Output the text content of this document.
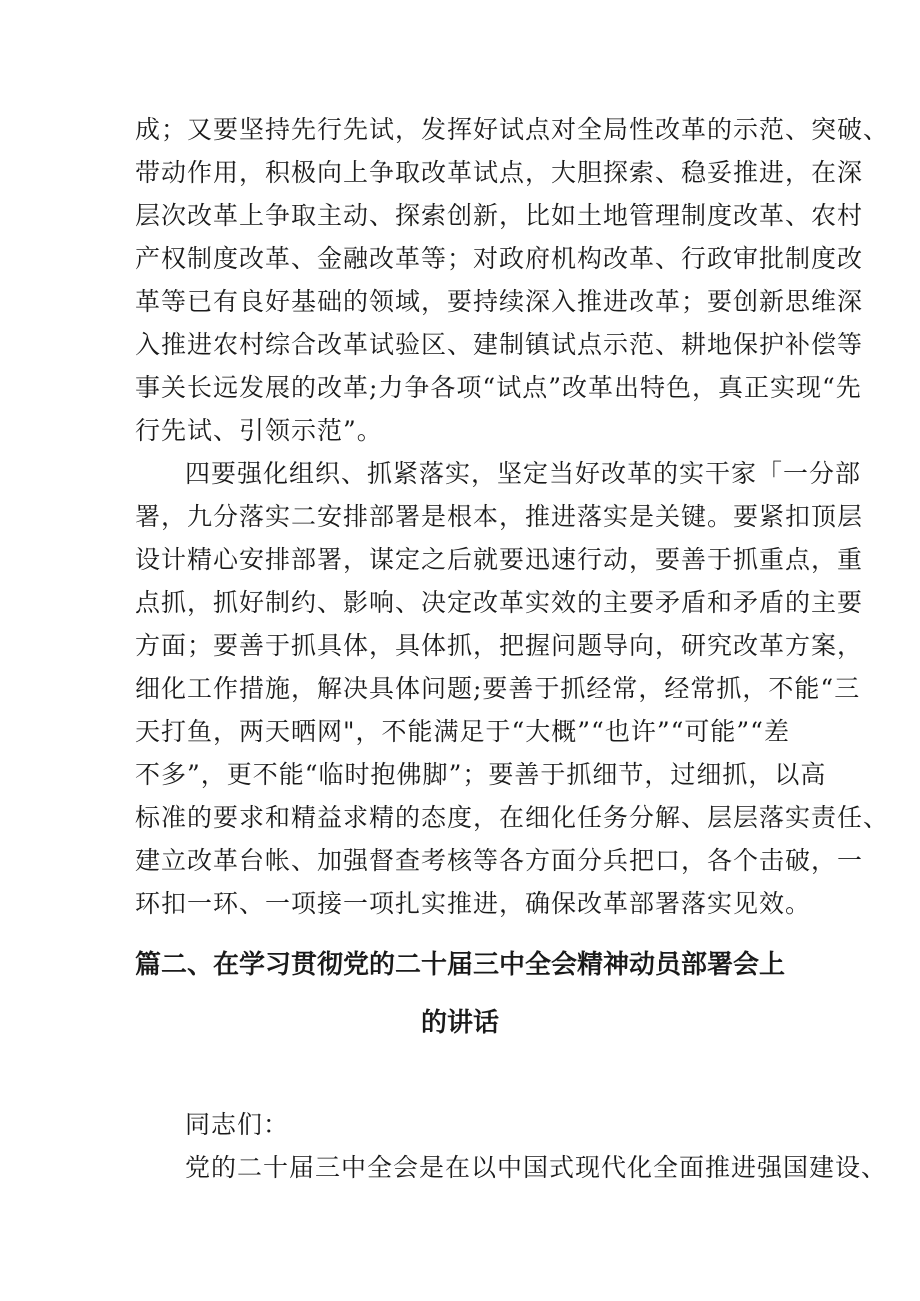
成；又要坚持先行先试，发挥好试点对全局性改革的示范、突破、
带动作用，积极向上争取改革试点，大胆探索、稳妥推进，在深
层次改革上争取主动、探索创新，比如土地管理制度改革、农村
产权制度改革、金融改革等；对政府机构改革、行政审批制度改
革等已有良好基础的领域，要持续深入推进改革；要创新思维深
入推进农村综合改革试验区、建制镇试点示范、耕地保护补偿等
事关长远发展的改革;力争各项“试点”改革出特色，真正实现“先
行先试、引领示范”。
四要强化组织、抓紧落实，坚定当好改革的实干家「一分部
署，九分落实二安排部署是根本，推进落实是关键。要紧扣顶层
设计精心安排部署，谋定之后就要迅速行动，要善于抓重点，重
点抓，抓好制约、影响、决定改革实效的主要矛盾和矛盾的主要
方面；要善于抓具体，具体抓，把握问题导向，研究改革方案，
细化工作措施，解决具体问题;要善于抓经常，经常抓，不能“三
天打鱼，两天晒网"，不能满足于“大概”“也许”“可能”“差
不多”，更不能“临时抱佛脚”；要善于抓细节，过细抓，以高
标准的要求和精益求精的态度，在细化任务分解、层层落实责任、
建立改革台帐、加强督查考核等各方面分兵把口，各个击破，一
环扣一环、一项接一项扎实推进，确保改革部署落实见效。
篇二、在学习贯彻党的二十届三中全会精神动员部署会上
的讲话
同志们：
党的二十届三中全会是在以中国式现代化全面推进强国建设、
